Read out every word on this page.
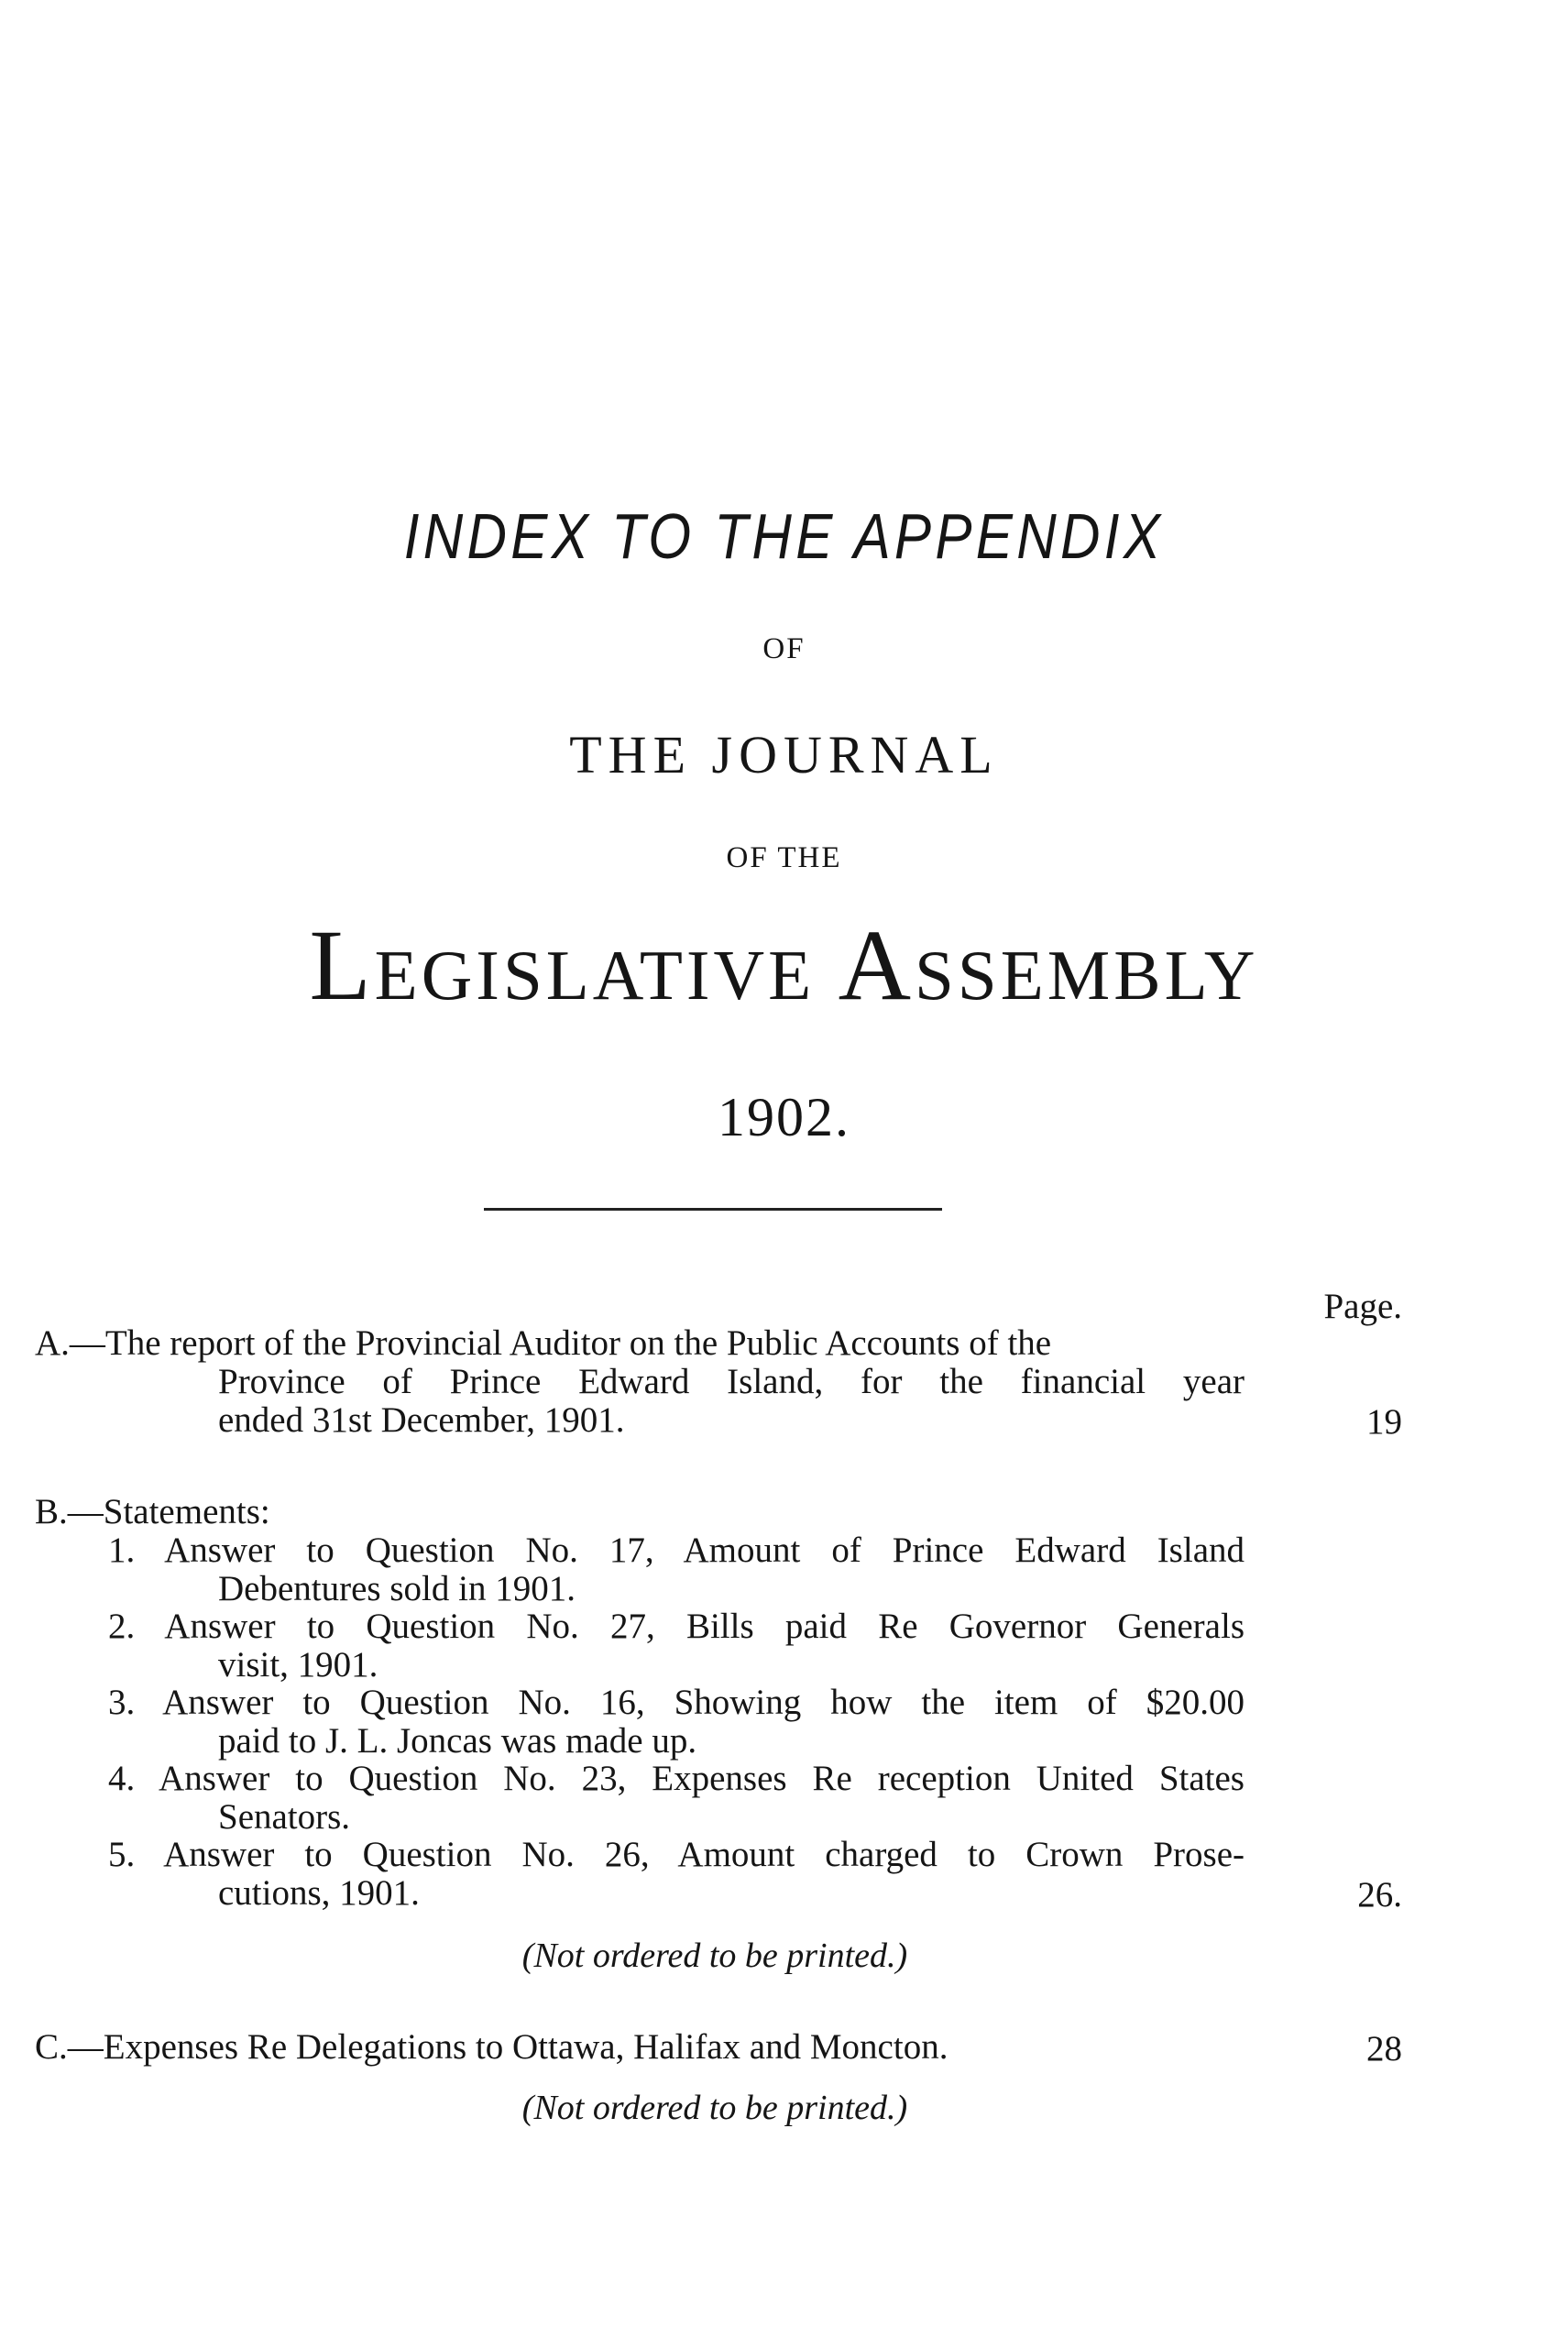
INDEX TO THE APPENDIX
OF
THE JOURNAL
OF THE
Legislative Assembly
1902.
Page.
A.—The report of the Provincial Auditor on the Public Accounts of the
Province of Prince Edward Island, for the financial year
ended 31st December, 1901.	19
B.—Statements:
1. Answer to Question No. 17, Amount of Prince Edward Island
Debentures sold in 1901.
2. Answer to Question No. 27, Bills paid Re Governor Generals
visit, 1901.
3. Answer to Question No. 16, Showing how the item of $20.00
paid to J. L. Joncas was made up.
4. Answer to Question No. 23, Expenses Re reception United States
Senators.
5. Answer to Question No. 26, Amount charged to Crown Prose-
cutions, 1901.	26.
(Not ordered to be printed.)
C.—Expenses Re Delegations to Ottawa, Halifax and Moncton.	28
(Not ordered to be printed.)
